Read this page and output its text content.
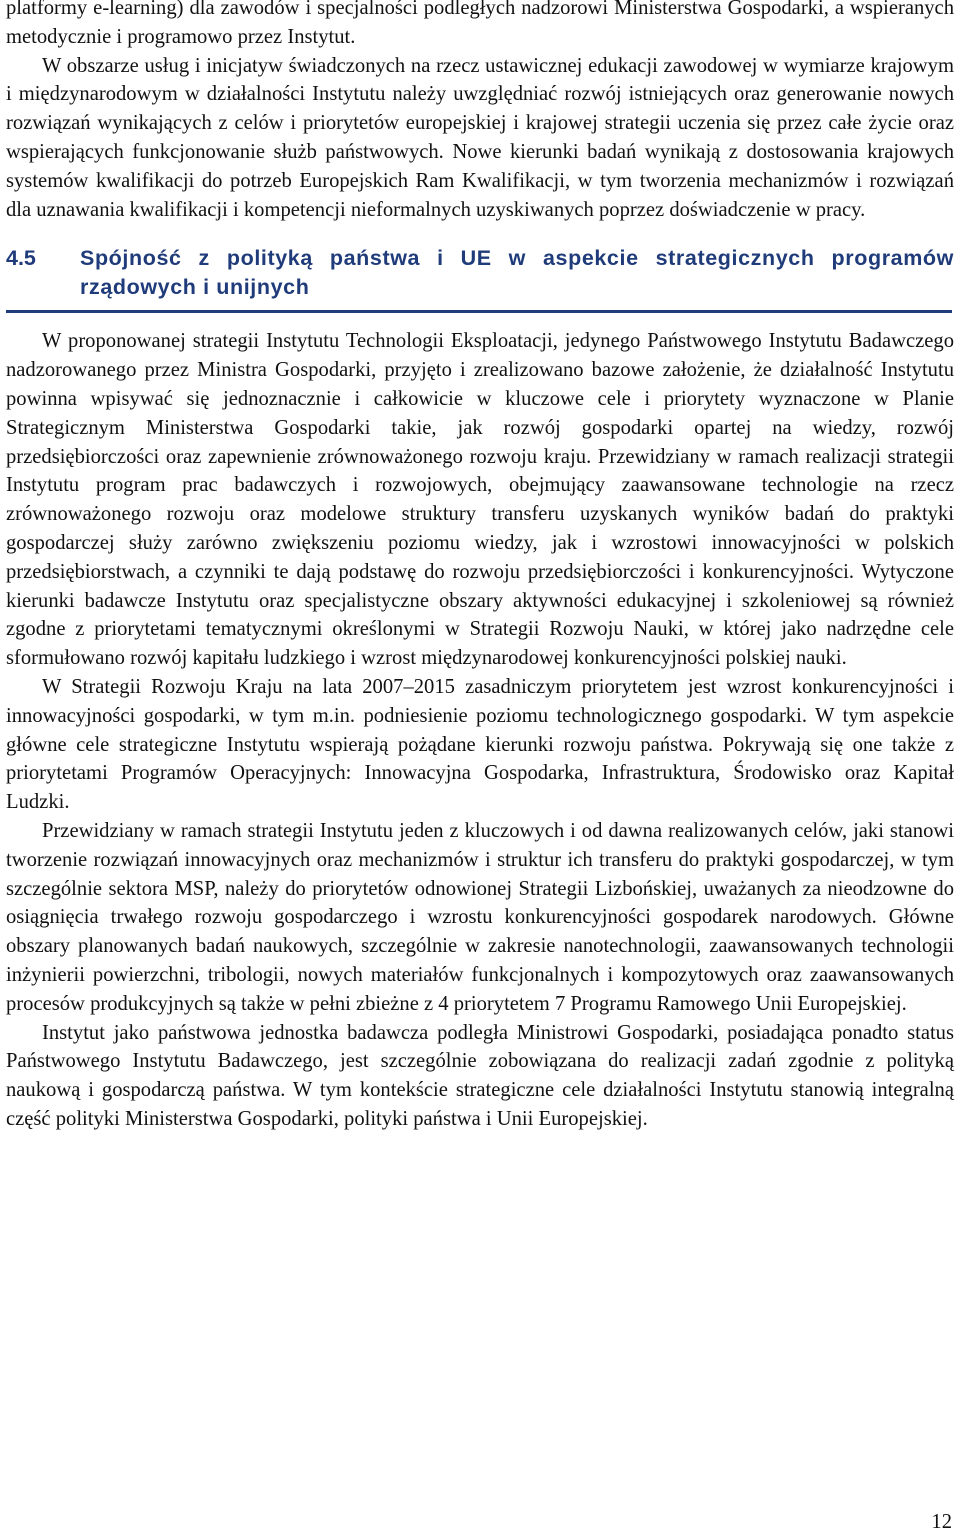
platformy e-learning) dla zawodów i specjalności podległych nadzorowi Ministerstwa Gospodarki, a wspieranych metodycznie i programowo przez Instytut.

W obszarze usług i inicjatyw świadczonych na rzecz ustawicznej edukacji zawodowej w wymiarze krajowym i międzynarodowym w działalności Instytutu należy uwzględniać rozwój istniejących oraz generowanie nowych rozwiązań wynikających z celów i priorytetów europejskiej i krajowej strategii uczenia się przez całe życie oraz wspierających funkcjonowanie służb państwowych. Nowe kierunki badań wynikają z dostosowania krajowych systemów kwalifikacji do potrzeb Europejskich Ram Kwalifikacji, w tym tworzenia mechanizmów i rozwiązań dla uznawania kwalifikacji i kompetencji nieformalnych uzyskiwanych poprzez doświadczenie w pracy.

4.5	Spójność z polityką państwa i UE w aspekcie strategicznych programów rządowych i unijnych

W proponowanej strategii Instytutu Technologii Eksploatacji, jedynego Państwowego Instytutu Badawczego nadzorowanego przez Ministra Gospodarki, przyjęto i zrealizowano bazowe założenie, że działalność Instytutu powinna wpisywać się jednoznacznie i całkowicie w kluczowe cele i priorytety wyznaczone w Planie Strategicznym Ministerstwa Gospodarki takie, jak rozwój gospodarki opartej na wiedzy, rozwój przedsiębiorczości oraz zapewnienie zrównoważonego rozwoju kraju. Przewidziany w ramach realizacji strategii Instytutu program prac badawczych i rozwojowych, obejmujący zaawansowane technologie na rzecz zrównoważonego rozwoju oraz modelowe struktury transferu uzyskanych wyników badań do praktyki gospodarczej służy zarówno zwiększeniu poziomu wiedzy, jak i wzrostowi innowacyjności w polskich przedsiębiorstwach, a czynniki te dają podstawę do rozwoju przedsiębiorczości i konkurencyjności. Wytyczone kierunki badawcze Instytutu oraz specjalistyczne obszary aktywności edukacyjnej i szkoleniowej są również zgodne z priorytetami tematycznymi określonymi w Strategii Rozwoju Nauki, w której jako nadrzędne cele sformułowano rozwój kapitału ludzkiego i wzrost międzynarodowej konkurencyjności polskiej nauki.

W Strategii Rozwoju Kraju na lata 2007–2015 zasadniczym priorytetem jest wzrost konkurencyjności i innowacyjności gospodarki, w tym m.in. podniesienie poziomu technologicznego gospodarki. W tym aspekcie główne cele strategiczne Instytutu wspierają pożądane kierunki rozwoju państwa. Pokrywają się one także z priorytetami Programów Operacyjnych: Innowacyjna Gospodarka, Infrastruktura, Środowisko oraz Kapitał Ludzki.

Przewidziany w ramach strategii Instytutu jeden z kluczowych i od dawna realizowanych celów, jaki stanowi tworzenie rozwiązań innowacyjnych oraz mechanizmów i struktur ich transferu do praktyki gospodarczej, w tym szczególnie sektora MSP, należy do priorytetów odnowionej Strategii Lizbońskiej, uważanych za nieodzowne do osiągnięcia trwałego rozwoju gospodarczego i wzrostu konkurencyjności gospodarek narodowych. Główne obszary planowanych badań naukowych, szczególnie w zakresie nanotechnologii, zaawansowanych technologii inżynierii powierzchni, tribologii, nowych materiałów funkcjonalnych i kompozytowych oraz zaawansowanych procesów produkcyjnych są także w pełni zbieżne z 4 priorytetem 7 Programu Ramowego Unii Europejskiej.

Instytut jako państwowa jednostka badawcza podległa Ministrowi Gospodarki, posiadająca ponadto status Państwowego Instytutu Badawczego, jest szczególnie zobowiązana do realizacji zadań zgodnie z polityką naukową i gospodarczą państwa. W tym kontekście strategiczne cele działalności Instytutu stanowią integralną część polityki Ministerstwa Gospodarki, polityki państwa i Unii Europejskiej.

12
